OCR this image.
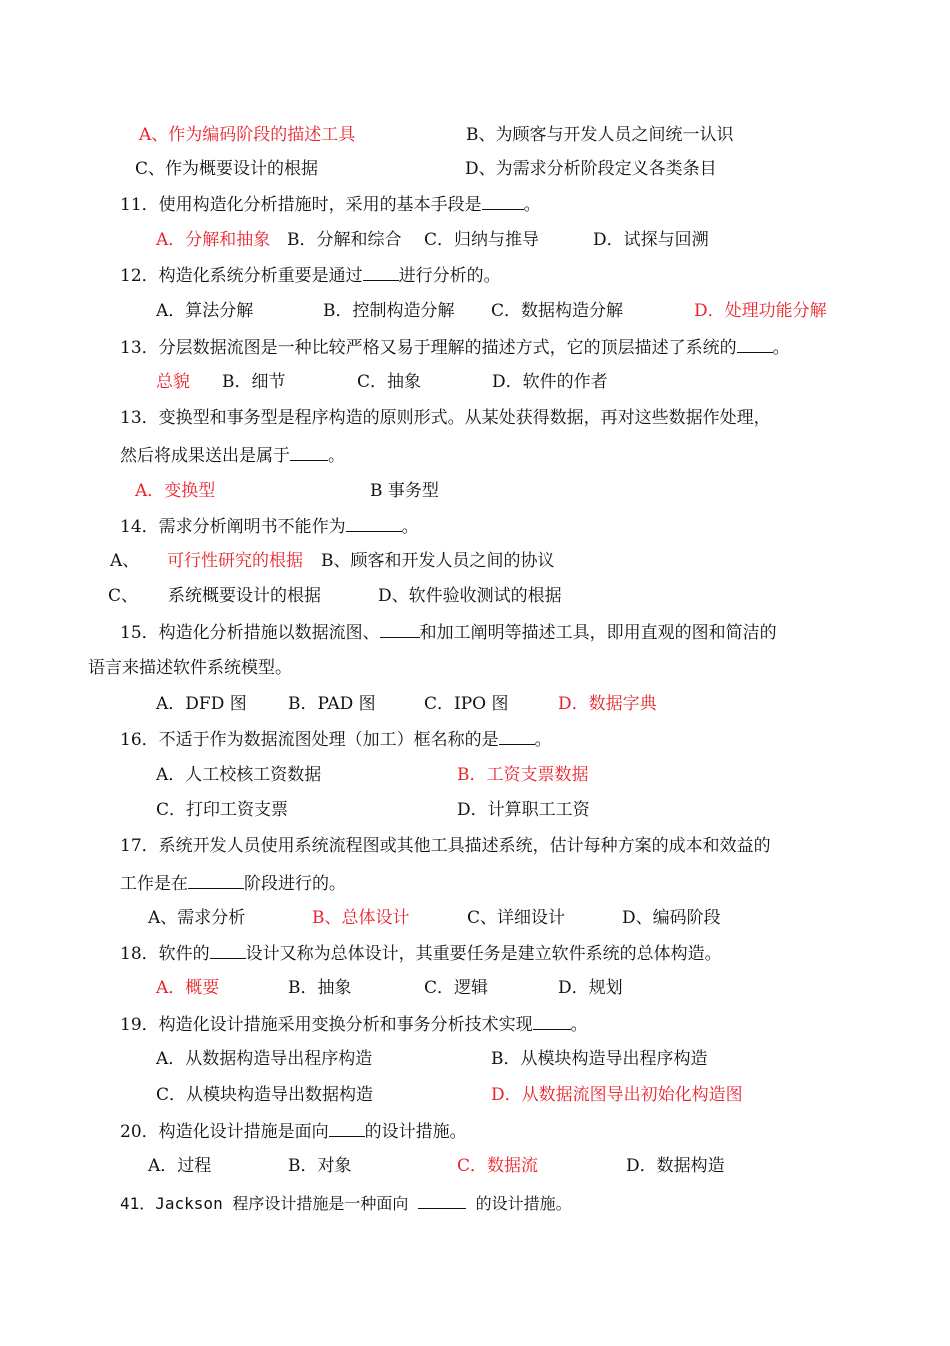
A、作为编码阶段的描述工具	B、为顾客与开发人员之间统一认识
C、作为概要设计的根据	D、为需求分析阶段定义各类条目
11．使用构造化分析措施时，采用的基本手段是 。
A．分解和抽象 B．分解和综合 C．归纳与推导	D．试探与回溯
12．构造化系统分析重要是通过 进行分析的。
A．算法分解	B．控制构造分解 C．数据构造分解	D．处理功能分解
13．分层数据流图是一种比较严格又易于理解的描述方式，它的顶层描述了系统的 。
总貌 B．细节	C．抽象	D．软件的作者
13．变换型和事务型是程序构造的原则形式。从某处获得数据，再对这些数据作处理，
然后将成果送出是属于 。
A．变换型	B 事务型
14．需求分析阐明书不能作为	。
A、 可行性研究的根据 B、顾客和开发人员之间的协议
C、 系统概要设计的根据	D、软件验收测试的根据
15．构造化分析措施以数据流图、 和加工阐明等描述工具，即用直观的图和简洁的
语言来描述软件系统模型。
A．DFD 图 B．PAD 图	C．IPO 图	D．数据字典
16．不适于作为数据流图处理（加工）框名称的是 。
A．人工校核工资数据	B．工资支票数据
C．打印工资支票	D．计算职工工资
17．系统开发人员使用系统流程图或其他工具描述系统，估计每种方案的成本和效益的
工作是在	阶段进行的。
A、需求分析	B、总体设计	C、详细设计	D、编码阶段
18．软件的 设计又称为总体设计，其重要任务是建立软件系统的总体构造。
A．概要	B．抽象	C．逻辑	D．规划
19．构造化设计措施采用变换分析和事务分析技术实现 。
A．从数据构造导出程序构造	B．从模块构造导出程序构造
C．从模块构造导出数据构造	D．从数据流图导出初始化构造图
20．构造化设计措施是面向 的设计措施。
A．过程	B．对象	C．数据流	D．数据构造
41．Jackson 程序设计措施是一种面向	的设计措施。
